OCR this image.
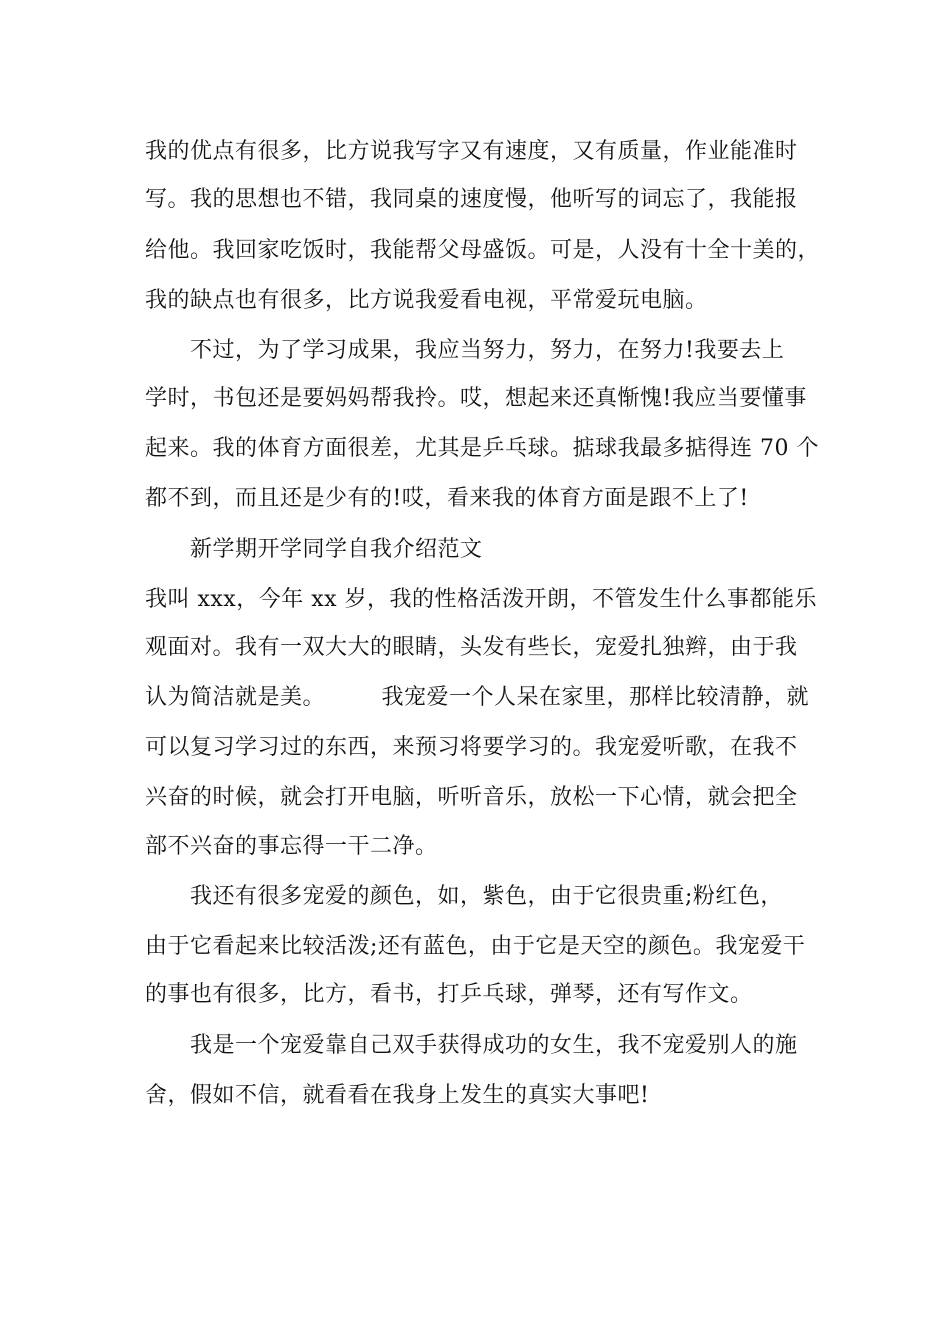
我的优点有很多，比方说我写字又有速度，又有质量，作业能准时
写。我的思想也不错，我同桌的速度慢，他听写的词忘了，我能报
给他。我回家吃饭时，我能帮父母盛饭。可是，人没有十全十美的，
我的缺点也有很多，比方说我爱看电视，平常爱玩电脑。
　　不过，为了学习成果，我应当努力，努力，在努力!我要去上
学时，书包还是要妈妈帮我拎。哎，想起来还真惭愧!我应当要懂事
起来。我的体育方面很差，尤其是乒乓球。掂球我最多掂得连 70 个
都不到，而且还是少有的!哎，看来我的体育方面是跟不上了!
　　新学期开学同学自我介绍范文
我叫 xxx，今年 xx 岁，我的性格活泼开朗，不管发生什么事都能乐
观面对。我有一双大大的眼睛，头发有些长，宠爱扎独辫，由于我
认为简洁就是美。　　　我宠爱一个人呆在家里，那样比较清静，就
可以复习学习过的东西，来预习将要学习的。我宠爱听歌，在我不
兴奋的时候，就会打开电脑，听听音乐，放松一下心情，就会把全
部不兴奋的事忘得一干二净。
　　我还有很多宠爱的颜色，如，紫色，由于它很贵重;粉红色，
由于它看起来比较活泼;还有蓝色，由于它是天空的颜色。我宠爱干
的事也有很多，比方，看书，打乒乓球，弹琴，还有写作文。
　　我是一个宠爱靠自己双手获得成功的女生，我不宠爱别人的施
舍，假如不信，就看看在我身上发生的真实大事吧!
